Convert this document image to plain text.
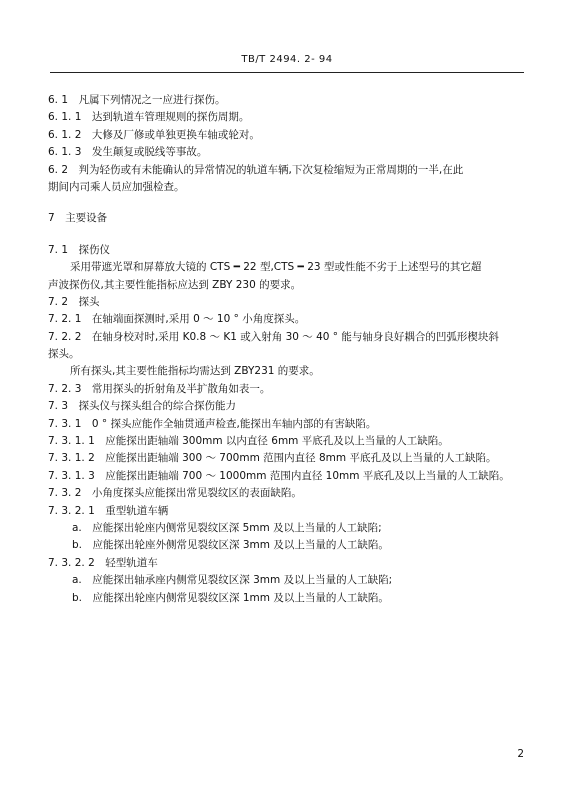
TB/T 2494. 2- 94
6. 1　凡属下列情况之一应进行探伤。
6. 1. 1　达到轨道车管理规则的探伤周期。
6. 1. 2　大修及厂修或单独更换车轴或轮对。
6. 1. 3　发生颠复或脱线等事故。
6. 2　判为轻伤或有未能确认的异常情况的轨道车辆,下次复检缩短为正常周期的一半,在此
期间内司乘人员应加强检查。
7　主要设备
7. 1　探伤仪
采用带遮光罩和屏幕放大镜的 CTS ━ 22 型,CTS ━ 23 型或性能不劣于上述型号的其它超
声波探伤仪,其主要性能指标应达到 ZBY 230 的要求。
7. 2　探头
7. 2. 1　在轴端面探测时,采用 0 ～ 10 ° 小角度探头。
7. 2. 2　在轴身校对时,采用 K0.8 ～ K1 或入射角 30 ～ 40 ° 能与轴身良好耦合的凹弧形楔块斜
探头。
所有探头,其主要性能指标均需达到 ZBY231 的要求。
7. 2. 3　常用探头的折射角及半扩散角如表一。
7. 3　探头仪与探头组合的综合探伤能力
7. 3. 1　0 ° 探头应能作全轴贯通声检查,能探出车轴内部的有害缺陷。
7. 3. 1. 1　应能探出距轴端 300mm 以内直径 6mm 平底孔及以上当量的人工缺陷。
7. 3. 1. 2　应能探出距轴端 300 ～ 700mm 范围内直径 8mm 平底孔及以上当量的人工缺陷。
7. 3. 1. 3　应能探出距轴端 700 ～ 1000mm 范围内直径 10mm 平底孔及以上当量的人工缺陷。
7. 3. 2　小角度探头应能探出常见裂纹区的表面缺陷。
7. 3. 2. 1　重型轨道车辆
a.　应能探出轮座内侧常见裂纹区深 5mm 及以上当量的人工缺陷;
b.　应能探出轮座外侧常见裂纹区深 3mm 及以上当量的人工缺陷。
7. 3. 2. 2　轻型轨道车
a.　应能探出轴承座内侧常见裂纹区深 3mm 及以上当量的人工缺陷;
b.　应能探出轮座内侧常见裂纹区深 1mm 及以上当量的人工缺陷。
2
